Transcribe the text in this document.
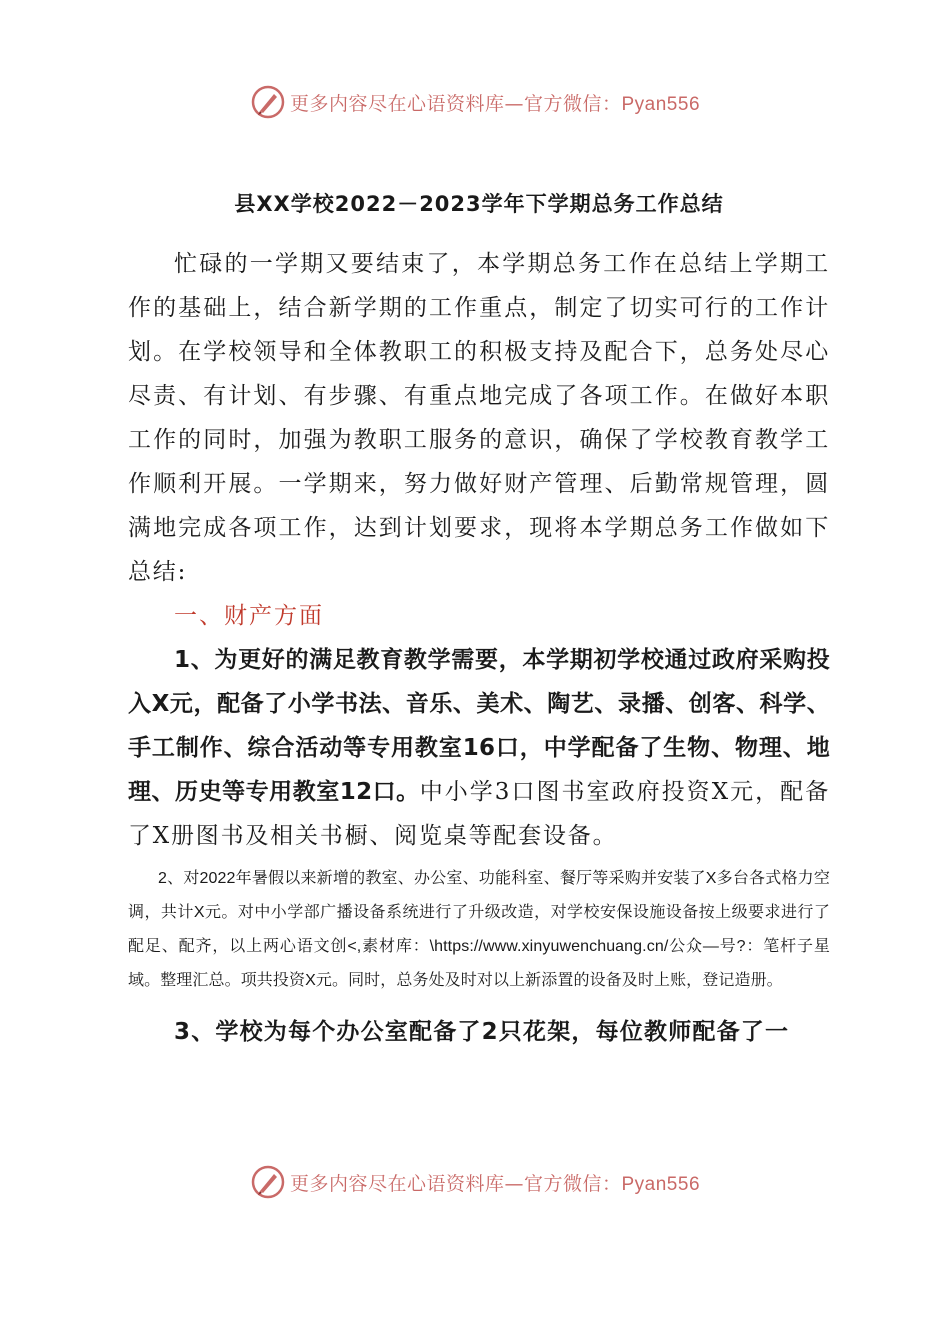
更多内容尽在心语资料库—官方微信：Pyan556
县XX学校2022－2023学年下学期总务工作总结

忙碌的一学期又要结束了，本学期总务工作在总结上学期工作的基础上，结合新学期的工作重点，制定了切实可行的工作计划。在学校领导和全体教职工的积极支持及配合下，总务处尽心尽责、有计划、有步骤、有重点地完成了各项工作。在做好本职工作的同时，加强为教职工服务的意识，确保了学校教育教学工作顺利开展。一学期来，努力做好财产管理、后勤常规管理，圆满地完成各项工作，达到计划要求，现将本学期总务工作做如下总结:

一、财产方面

1、为更好的满足教育教学需要，本学期初学校通过政府采购投入X元，配备了小学书法、音乐、美术、陶艺、录播、创客、科学、手工制作、综合活动等专用教室16口，中学配备了生物、物理、地理、历史等专用教室12口。中小学3口图书室政府投资X元，配备了X册图书及相关书橱、阅览桌等配套设备。

2、对2022年暑假以来新增的教室、办公室、功能科室、餐厅等采购并安装了X多台各式格力空调，共计X元。对中小学部广播设备系统进行了升级改造，对学校安保设施设备按上级要求进行了配足、配齐，以上两心语文创<,素材库：\https://www.xinyuwenchuang.cn/公众—号?：笔杆子星域。整理汇总。项共投资X元。同时，总务处及时对以上新添置的设备及时上账，登记造册。

3、学校为每个办公室配备了2只花架，每位教师配备了一

更多内容尽在心语资料库—官方微信：Pyan556
